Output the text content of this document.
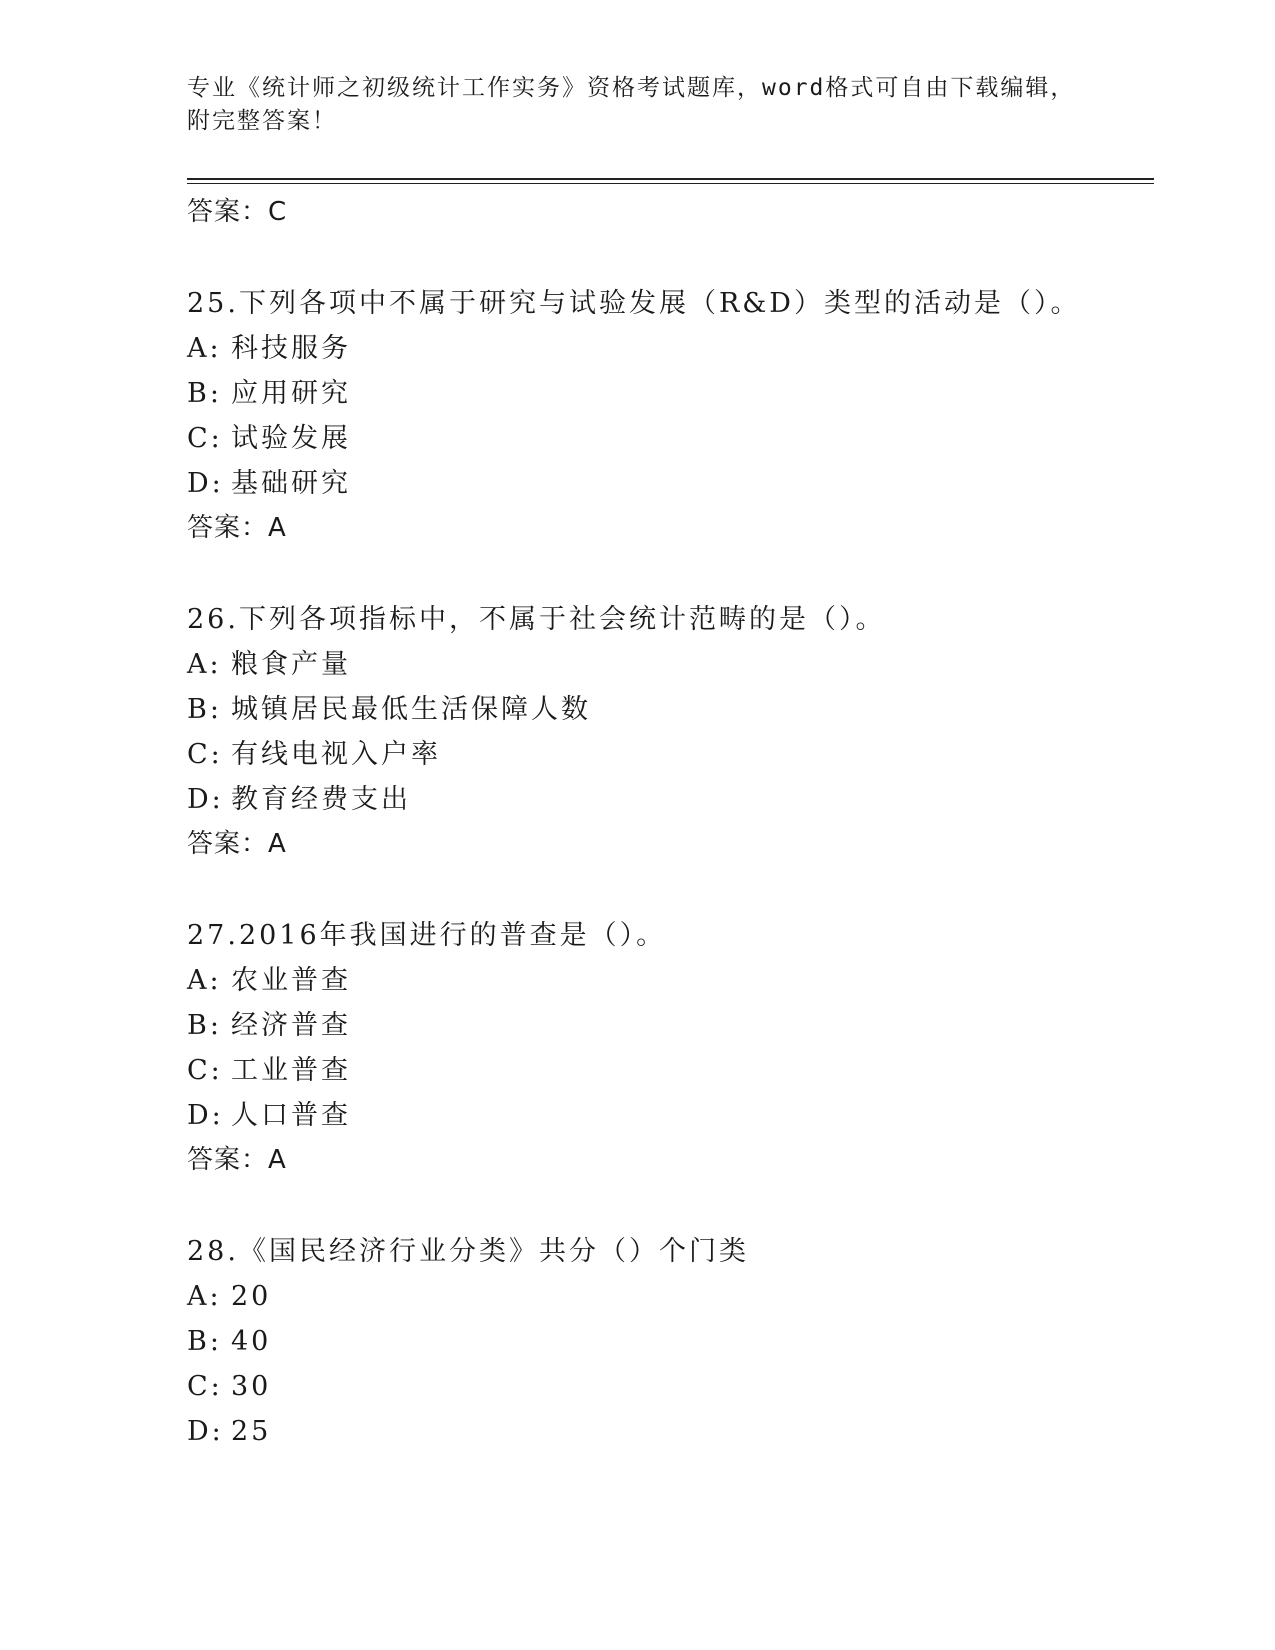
专业《统计师之初级统计工作实务》资格考试题库，word格式可自由下载编辑，
附完整答案！
答案：C
25.下列各项中不属于研究与试验发展（R&D）类型的活动是（）。
A: 科技服务
B: 应用研究
C: 试验发展
D: 基础研究
答案：A
26.下列各项指标中，不属于社会统计范畴的是（）。
A: 粮食产量
B: 城镇居民最低生活保障人数
C: 有线电视入户率
D: 教育经费支出
答案：A
27.2016年我国进行的普查是（）。
A: 农业普查
B: 经济普查
C: 工业普查
D: 人口普查
答案：A
28.《国民经济行业分类》共分（）个门类
A: 20
B: 40
C: 30
D: 25
